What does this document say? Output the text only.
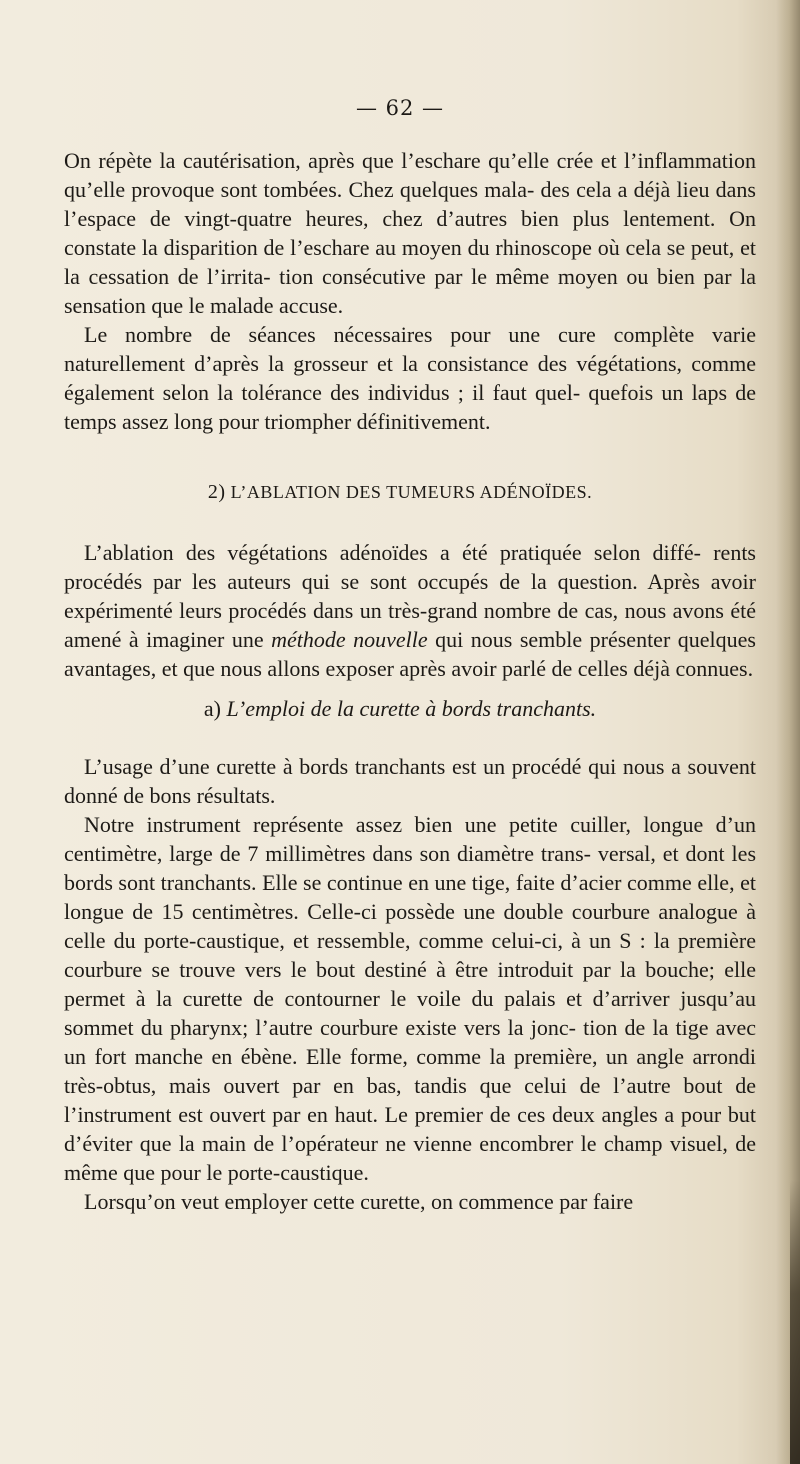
— 62 —

On répète la cautérisation, après que l’eschare qu’elle crée et l’inflammation qu’elle provoque sont tombées. Chez quelques mala- des cela a déjà lieu dans l’espace de vingt-quatre heures, chez d’autres bien plus lentement. On constate la disparition de l’eschare au moyen du rhinoscope où cela se peut, et la cessation de l’irrita- tion consécutive par le même moyen ou bien par la sensation que le malade accuse.

Le nombre de séances nécessaires pour une cure complète varie naturellement d’après la grosseur et la consistance des végétations, comme également selon la tolérance des individus ; il faut quel- quefois un laps de temps assez long pour triompher définitivement.

2) L’ABLATION DES TUMEURS ADÉNOÏDES.

L’ablation des végétations adénoïdes a été pratiquée selon diffé- rents procédés par les auteurs qui se sont occupés de la question. Après avoir expérimenté leurs procédés dans un très-grand nombre de cas, nous avons été amené à imaginer une méthode nouvelle qui nous semble présenter quelques avantages, et que nous allons exposer après avoir parlé de celles déjà connues.

a) L’emploi de la curette à bords tranchants.

L’usage d’une curette à bords tranchants est un procédé qui nous a souvent donné de bons résultats.

Notre instrument représente assez bien une petite cuiller, longue d’un centimètre, large de 7 millimètres dans son diamètre trans- versal, et dont les bords sont tranchants. Elle se continue en une tige, faite d’acier comme elle, et longue de 15 centimètres. Celle-ci possède une double courbure analogue à celle du porte-caustique, et ressemble, comme celui-ci, à un S : la première courbure se trouve vers le bout destiné à être introduit par la bouche; elle permet à la curette de contourner le voile du palais et d’arriver jusqu’au sommet du pharynx; l’autre courbure existe vers la jonc- tion de la tige avec un fort manche en ébène. Elle forme, comme la première, un angle arrondi très-obtus, mais ouvert par en bas, tandis que celui de l’autre bout de l’instrument est ouvert par en haut. Le premier de ces deux angles a pour but d’éviter que la main de l’opérateur ne vienne encombrer le champ visuel, de même que pour le porte-caustique.

Lorsqu’on veut employer cette curette, on commence par faire
